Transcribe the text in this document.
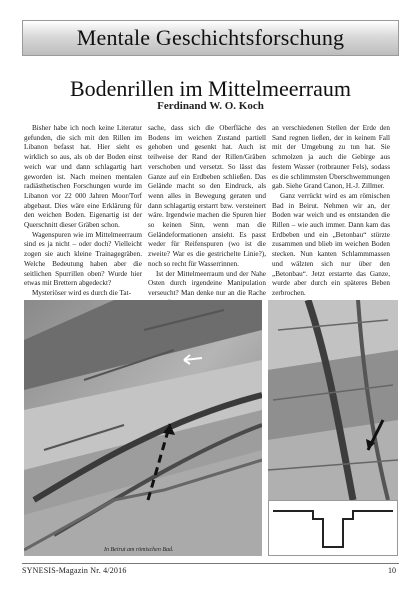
Mentale Geschichtsforschung
Bodenrillen im Mittelmeerraum
Ferdinand W. O. Koch

Bisher habe ich noch keine Literatur gefunden, die sich mit den Rillen im Libanon befasst hat. Hier sieht es wirklich so aus, als ob der Boden einst weich war und dann schlagartig hart geworden ist. Nach meinen mentalen radiästhetischen Forschungen wurde im Libanon vor 22 000 Jahren Moor/Torf abgebaut. Dies wäre eine Erklärung für den weichen Boden. Eigenartig ist der Querschnitt dieser Gräben schon.

Wagenspuren wie im Mittelmeerraum sind es ja nicht – oder doch? Vielleicht zogen sie auch kleine Trainagegräben. Welche Bedeutung haben aber die seitlichen Spurrillen oben? Wurde hier etwas mit Brettern abgedeckt?

Mysteriöser wird es durch die Tat-

sache, dass sich die Oberfläche des Bodens im weichen Zustand partiell gehoben und gesenkt hat. Auch ist teilweise der Rand der Rillen/Gräben verschoben und versetzt. So lässt das Ganze auf ein Erdbeben schließen. Das Gelände macht so den Eindruck, als wenn alles in Bewegung geraten und dann schlagartig erstarrt bzw. versteinert wäre. Irgendwie machen die Spuren hier so keinen Sinn, wenn man die Geländeformationen ansieht. Es passt weder für Reifenspuren (wo ist die zweite? War es die gestrichelte Linie?), noch so recht für Wasserrinnen.

Ist der Mittelmeerraum und der Nahe Osten durch irgendeine Manipulation verseucht? Man denke nur an die Rache

an verschiedenen Stellen der Erde den Sand regnen ließen, der in keinem Fall mit der Umgebung zu tun hat. Sie schmolzen ja auch die Gebirge aus festem Wasser (rotbrauner Fels), sodass es die schlimmsten Überschwemmungen gab. Siehe Grand Canon, H.-J. Zillmer.

Ganz verrückt wird es am römischen Bad in Beirut. Nehmen wir an, der Boden war weich und es entstanden die Rillen – wie auch immer. Dann kam das Erdbeben und ein „Betonbau“ stürzte zusammen und blieb im weichen Boden stecken. Nun kanten Schlammmassen und wälzten sich nur über den „Betonbau“. Jetzt erstarrte das Ganze, wurde aber durch ein späteres Beben zerbrochen.

In Beirut am römischen Bad.
SYNESIS-Magazin Nr. 4/2016	10
